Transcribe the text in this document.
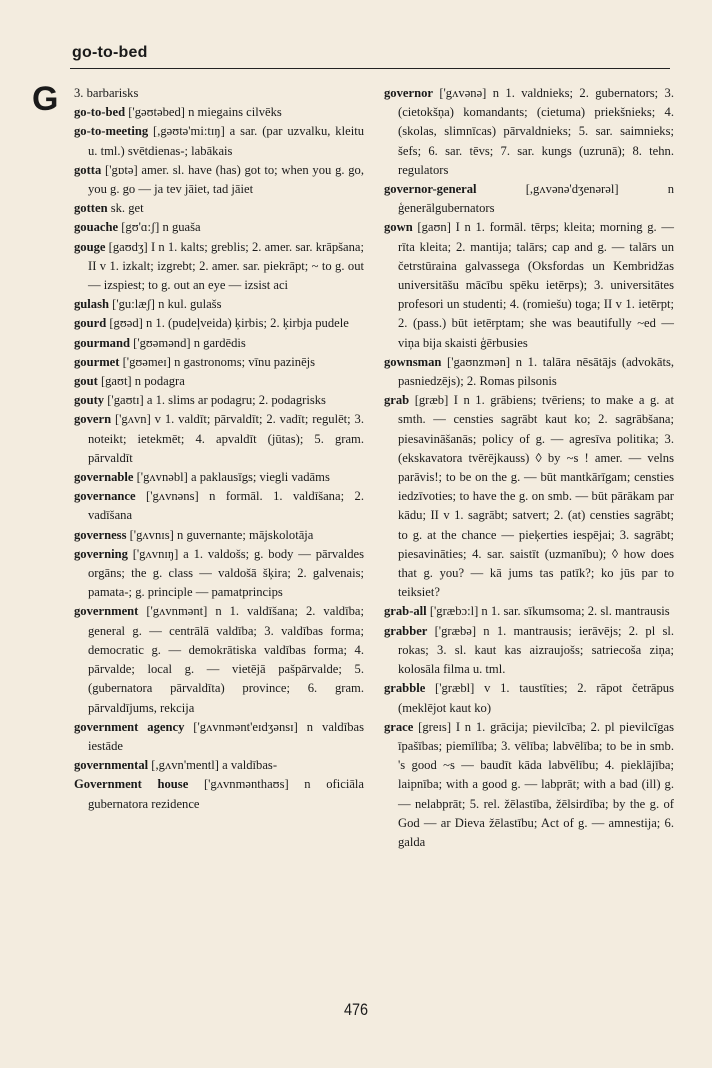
go-to-bed
G 3. barbarisks

go-to-bed ['gəʊtəbed] n miegains cilvēks

go-to-meeting [,gəʊtə'mi:tɪŋ] a sar. (par uzvalku, kleitu u. tml.) svētdienas-; labākais

gotta ['gɒtə] amer. sl. have (has) got to; when you g. go, you g. go — ja tev jāiet, tad jāiet

gotten sk. get

gouache [gʊ'ɑ:ʃ] n guaša

gouge [gaʊdʒ] I n 1. kalts; greblis; 2. amer. sar. krāpšana; II v 1. izkalt; izgrebt; 2. amer. sar. piekrāpt; ~ to g. out — izspiest; to g. out an eye — izsist aci

gulash ['gu:læʃ] n kul. gulašs

gourd [gʊəd] n 1. (pudeļveida) ķirbis; 2. ķirbja pudele

gourmand ['gʊəmənd] n gardēdis

gourmet ['gʊəmeɪ] n gastronoms; vīnu pazinējs

gout [gaʊt] n podagra

gouty ['gaʊtɪ] a 1. slims ar podagru; 2. podagrisks

govern ['gʌvn] v 1. valdīt; pārvaldīt; 2. vadīt; regulēt; 3. noteikt; ietekmēt; 4. apvaldīt (jūtas); 5. gram. pārvaldīt

governable ['gʌvnəbl] a paklausīgs; viegli vadāms

governance ['gʌvnəns] n formāl. 1. valdīšana; 2. vadīšana

governess ['gʌvnɪs] n guvernante; mājskolotāja

governing ['gʌvnɪŋ] a 1. valdošs; g. body — pārvaldes orgāns; the g. class — valdošā šķira; 2. galvenais; pamata-; g. principle — pamatprincips

government ['gʌvnmənt] n 1. valdīšana; 2. valdība; general g. — centrālā valdība; 3. valdības forma; democratic g. — demokrātiska valdības forma; 4. pārvalde; local g. — vietējā pašpārvalde; 5. (gubernatora pārvaldīta) province; 6. gram. pārvaldījums, rekcija

government agency ['gʌvnmənt'eɪdʒənsɪ] n valdības iestāde

governmental [,gʌvn'mentl] a valdības-

Government house ['gʌvnmənthaʊs] n oficiāla gubernatora rezidence

governor ['gʌvənə] n 1. valdnieks; 2. gubernators; 3. (cietokšņa) komandants; (cietuma) priekšnieks; 4. (skolas, slimnīcas) pārvaldnieks; 5. sar. saimnieks; šefs; 6. sar. tēvs; 7. sar. kungs (uzrunā); 8. tehn. regulators

governor-general [,gʌvənə'dʒenərəl] n ģenerālgubernators

gown [gaʊn] I n 1. formāl. tērps; kleita; morning g. — rīta kleita; 2. mantija; talārs; cap and g. — talārs un četrstūraina galvassega (Oksfordas un Kembridžas universitāšu mācību spēku ietērps); 3. universitātes profesori un studenti; 4. (romiešu) toga; II v 1. ietērpt; 2. (pass.) būt ietērptam; she was beautifully ~ed — viņa bija skaisti ģērbusies

gownsman ['gaʊnzmən] n 1. talāra nēsātājs (advokāts, pasniedzējs); 2. Romas pilsonis

grab [græb] I n 1. grābiens; tvēriens; to make a g. at smth. — censties sagrābt kaut ko; 2. sagrābšana; piesavināšanās; policy of g. — agresīva politika; 3. (ekskavatora tvērējkauss) ◊ by ~s ! amer. — velns parāvis!; to be on the g. — būt mantkārīgam; censties iedzīvoties; to have the g. on smb. — būt pārākam par kādu; II v 1. sagrābt; satvert; 2. (at) censties sagrābt; to g. at the chance — pieķerties iespējai; 3. sagrābt; piesavināties; 4. sar. saistīt (uzmanību); ◊ how does that g. you? — kā jums tas patīk?; ko jūs par to teiksiet?

grab-all ['græbɔ:l] n 1. sar. sīkumsoma; 2. sl. mantrausis

grabber ['græbə] n 1. mantrausis; ierāvējs; 2. pl sl. rokas; 3. sl. kaut kas aizraujošs; satriecoša ziņa; kolosāla filma u. tml.

grabble ['græbl] v 1. taustīties; 2. rāpot četrāpus (meklējot kaut ko)

grace [greɪs] I n 1. grācija; pievilcība; 2. pl pievilcīgas īpašības; piemīlība; 3. vēlība; labvēlība; to be in smb. 's good ~s — baudīt kāda labvēlību; 4. pieklājība; laipnība; with a good g. — labprāt; with a bad (ill) g. — nelabprāt; 5. rel. žēlastība, žēlsirdība; by the g. of God — ar Dieva žēlastību; Act of g. — amnestija; 6. galda

476
